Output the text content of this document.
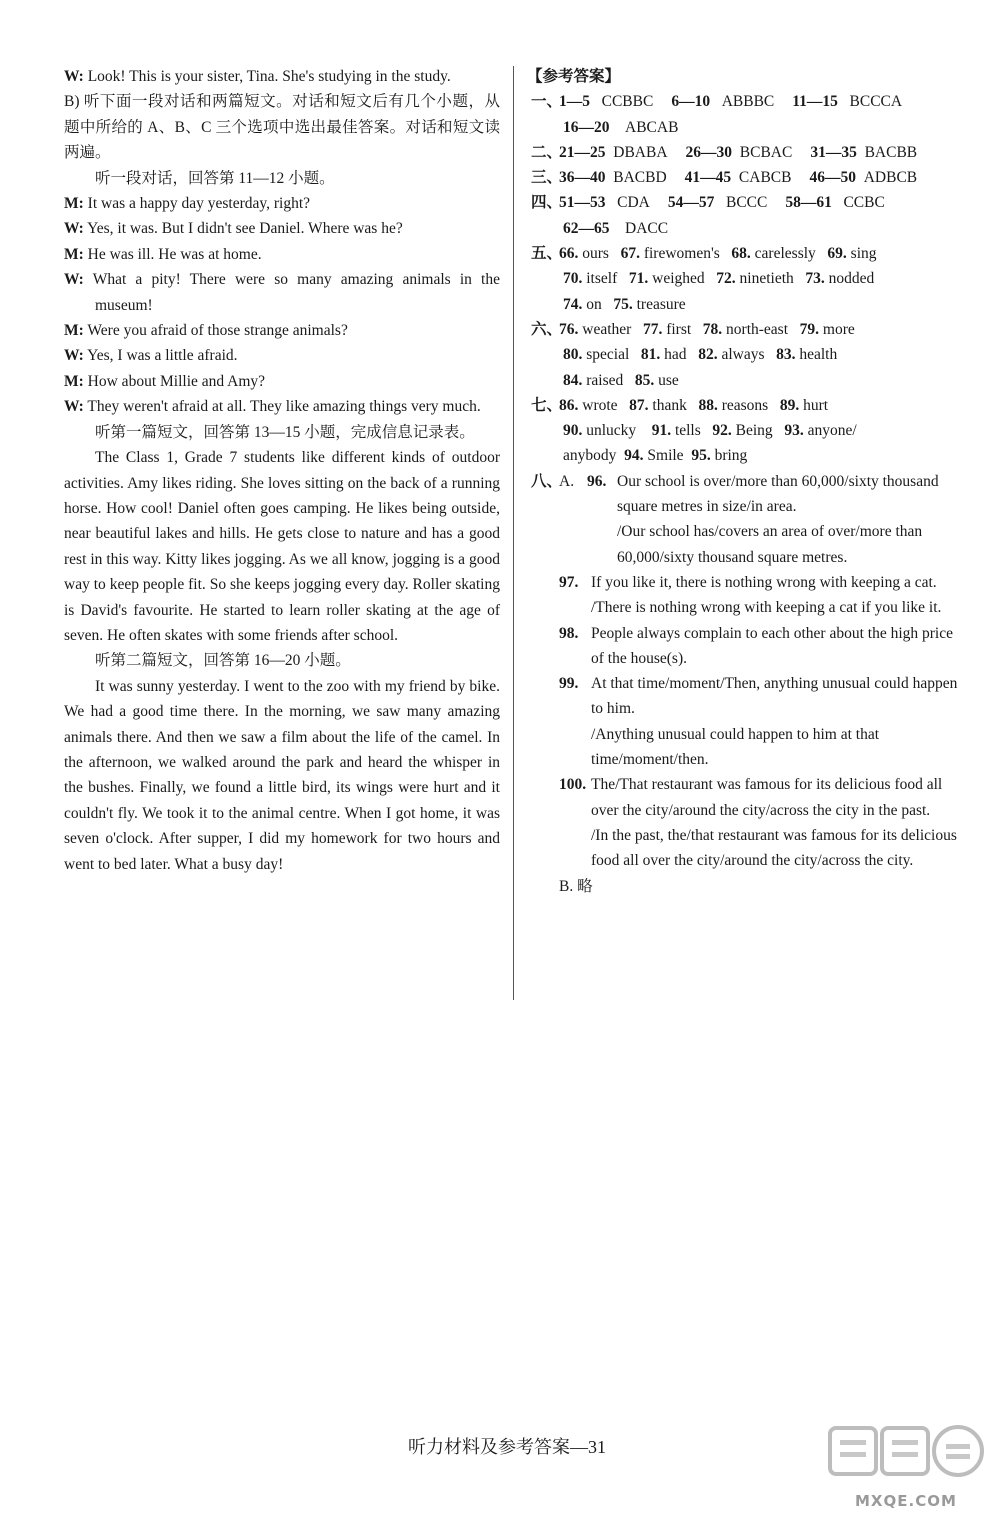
W: Look! This is your sister, Tina. She's studying in the study.

B) 听下面一段对话和两篇短文。对话和短文后有几个小题，从题中所给的 A、B、C 三个选项中选出最佳答案。对话和短文读两遍。

听一段对话，回答第 11—12 小题。

M: It was a happy day yesterday, right?

W: Yes, it was. But I didn't see Daniel. Where was he?

M: He was ill. He was at home.

W: What a pity! There were so many amazing animals in the museum!

M: Were you afraid of those strange animals?

W: Yes, I was a little afraid.

M: How about Millie and Amy?

W: They weren't afraid at all. They like amazing things very much.

听第一篇短文，回答第 13—15 小题，完成信息记录表。

The Class 1, Grade 7 students like different kinds of outdoor activities. Amy likes riding. She loves sitting on the back of a running horse. How cool! Daniel often goes camping. He likes being outside, near beautiful lakes and hills. He gets close to nature and has a good rest in this way. Kitty likes jogging. As we all know, jogging is a good way to keep people fit. So she keeps jogging every day. Roller skating is David's favourite. He started to learn roller skating at the age of seven. He often skates with some friends after school.

听第二篇短文，回答第 16—20 小题。

It was sunny yesterday. I went to the zoo with my friend by bike. We had a good time there. In the morning, we saw many amazing animals there. And then we saw a film about the life of the camel. In the afternoon, we walked around the park and heard the whisper in the bushes. Finally, we found a little bird, its wings were hurt and it couldn't fly. We took it to the animal centre. When I got home, it was seven o'clock. After supper, I did my homework for two hours and went to bed later. What a busy day!

【参考答案】

一、1—5 CCBBC 6—10 ABBBC 11—15 BCCCA

16—20 ABCAB

二、21—25 DBABA 26—30 BCBAC 31—35 BACBB

三、36—40 BACBD 41—45 CABCB 46—50 ADBCB

四、51—53 CDA 54—57 BCCC 58—61 CCBC

62—65 DACC

五、66. ours 67. firewomen's 68. carelessly 69. sing

70. itself 71. weighed 72. ninetieth 73. nodded

74. on 75. treasure

六、76. weather 77. first 78. north-east 79. more

80. special 81. had 82. always 83. health

84. raised 85. use

七、86. wrote 87. thank 88. reasons 89. hurt

90. unlucky 91. tells 92. Being 93. anyone/

anybody 94. Smile 95. bring

八、
A. 96. Our school is over/more than 60,000/sixty thousand square metres in size/in area.

/Our school has/covers an area of over/more than 60,000/sixty thousand square metres.

97. If you like it, there is nothing wrong with keeping a cat.

/There is nothing wrong with keeping a cat if you like it.

98. People always complain to each other about the high price of the house(s).

99. At that time/moment/Then, anything unusual could happen to him.

/Anything unusual could happen to him at that time/moment/then.

100. The/That restaurant was famous for its delicious food all over the city/around the city/across the city in the past.

/In the past, the/that restaurant was famous for its delicious food all over the city/around the city/across the city.

B. 略

听力材料及参考答案—31
MXQE.COM
